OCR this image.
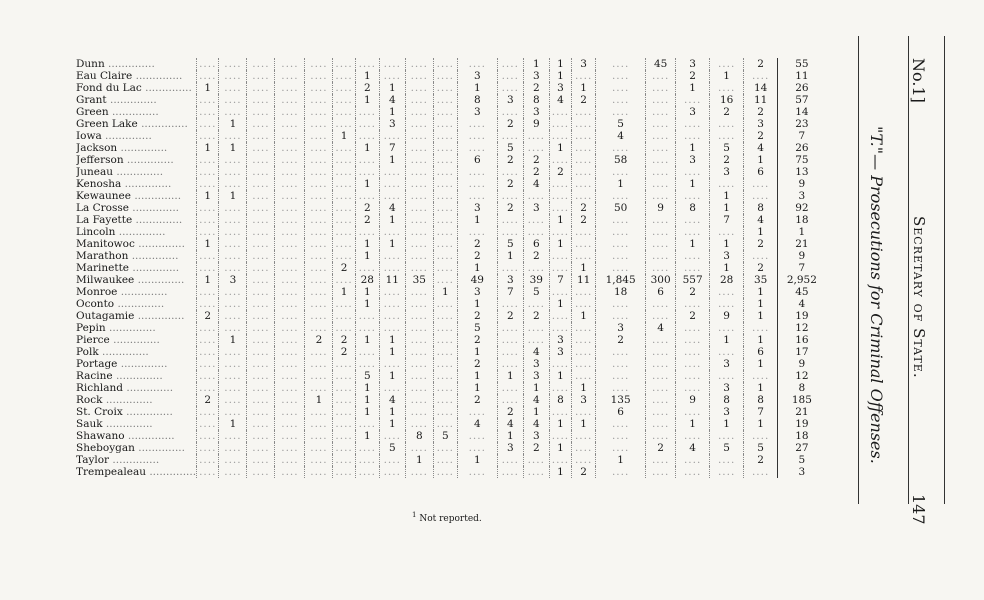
Dunn ..............	....	....	....	....	....	....	....	....	....	....	....	....	1	1	3	....	45	3	....	2	55
Eau Claire ..............	....	....	....	....	....	....	1	....	....	....	3	....	3	1	....	....	....	2	1	....	11
Fond du Lac ..............	1	....	....	....	....	....	2	1	....	....	1	....	2	3	1	....	....	1	....	14	26
Grant ..............	....	....	....	....	....	....	1	4	....	....	8	3	8	4	2	....	....	....	16	11	57
Green ..............	....	....	....	....	....	....	....	1	....	....	3	....	3	....	....	....	....	3	2	2	14
Green Lake ..............	....	1	....	....	....	....	....	3	....	....	....	2	9	....	....	5	....	....	....	3	23
Iowa ..............	....	....	....	....	....	1	....	....	....	....	....	....	....	....	....	4	....	....	....	2	7
Jackson ..............	1	1	....	....	....	....	1	7	....	....	....	5	....	1	....	....	....	1	5	4	26
Jefferson ..............	....	....	....	....	....	....	....	1	....	....	6	2	2	....	....	58	....	3	2	1	75
Juneau ..............	....	....	....	....	....	....	....	....	....	....	....	....	2	2	....	....	....	....	3	6	13
Kenosha ..............	....	....	....	....	....	....	1	....	....	....	....	2	4	....	....	1	....	1	....	....	9
Kewaunee ..............	1	1	....	....	....	....	....	....	....	....	....	....	....	....	....	....	....	....	1	....	3
La Crosse ..............	....	....	....	....	....	....	2	4	....	....	3	2	3	....	2	50	9	8	1	8	92
La Fayette ..............	....	....	....	....	....	....	2	1	....	....	1	....	....	1	2	....	....	....	7	4	18
Lincoln ..............	....	....	....	....	....	....	....	....	....	....	....	....	....	....	....	....	....	....	....	1	1
Manitowoc ..............	1	....	....	....	....	....	1	1	....	....	2	5	6	1	....	....	....	1	1	2	21
Marathon ..............	....	....	....	....	....	....	1	....	....	....	2	1	2	....	....	....	....	....	3	....	9
Marinette ..............	....	....	....	....	....	2	....	....	....	....	1	....	....	....	1	....	....	....	1	2	7
Milwaukee ..............	1	3	....	....	....	....	28	11	35	....	49	3	39	7	11	1,845	300	557	28	35	2,952
Monroe ..............	....	....	....	....	....	1	1	....	....	1	3	7	5	....	....	18	6	2	....	1	45
Oconto ..............	....	....	....	....	....	....	1	....	....	....	1	....	....	1	....	....	....	....	....	1	4
Outagamie ..............	2	....	....	....	....	....	....	....	....	....	2	2	2	....	1	....	....	2	9	1	19
Pepin ..............	....	....	....	....	....	....	....	....	....	....	5	....	....	....	....	3	4	....	....	....	12
Pierce ..............	....	1	....	....	2	2	1	1	....	....	2	....	....	3	....	2	....	....	1	1	16
Polk ..............	....	....	....	....	....	2	....	1	....	....	1	....	4	3	....	....	....	....	....	6	17
Portage ..............	....	....	....	....	....	....	....	....	....	....	2	....	3	....	....	....	....	....	3	1	9
Racine ..............	....	....	....	....	....	....	5	1	....	....	1	1	3	1	....	....	....	....	....	....	12
Richland ..............	....	....	....	....	....	....	1	....	....	....	1	....	1	....	1	....	....	....	3	1	8
Rock ..............	2	....	....	....	1	....	1	4	....	....	2	....	4	8	3	135	....	9	8	8	185
St. Croix ..............	....	....	....	....	....	....	1	1	....	....	....	2	1	....	....	6	....	....	3	7	21
Sauk ..............	....	1	....	....	....	....	....	1	....	....	4	4	4	1	1	....	....	1	1	1	19
Shawano ..............	....	....	....	....	....	....	1	....	8	5	....	1	3	....	....	....	....	....	....	....	18
Sheboygan ..............	....	....	....	....	....	....	....	5	....	....	....	3	2	1	....	....	2	4	5	5	27
Taylor ..............	....	....	....	....	....	....	....	....	1	....	1	....	....	....	....	1	....	....	....	2	5
Trempealeau ..............	....	....	....	....	....	....	....	....	....	....	....	....	....	1	2	....	....	....	....	....	3
$^1$ Not reported.
"T."— Prosecutions for Criminal Offenses.
No.1]
Secretary of State.
147
